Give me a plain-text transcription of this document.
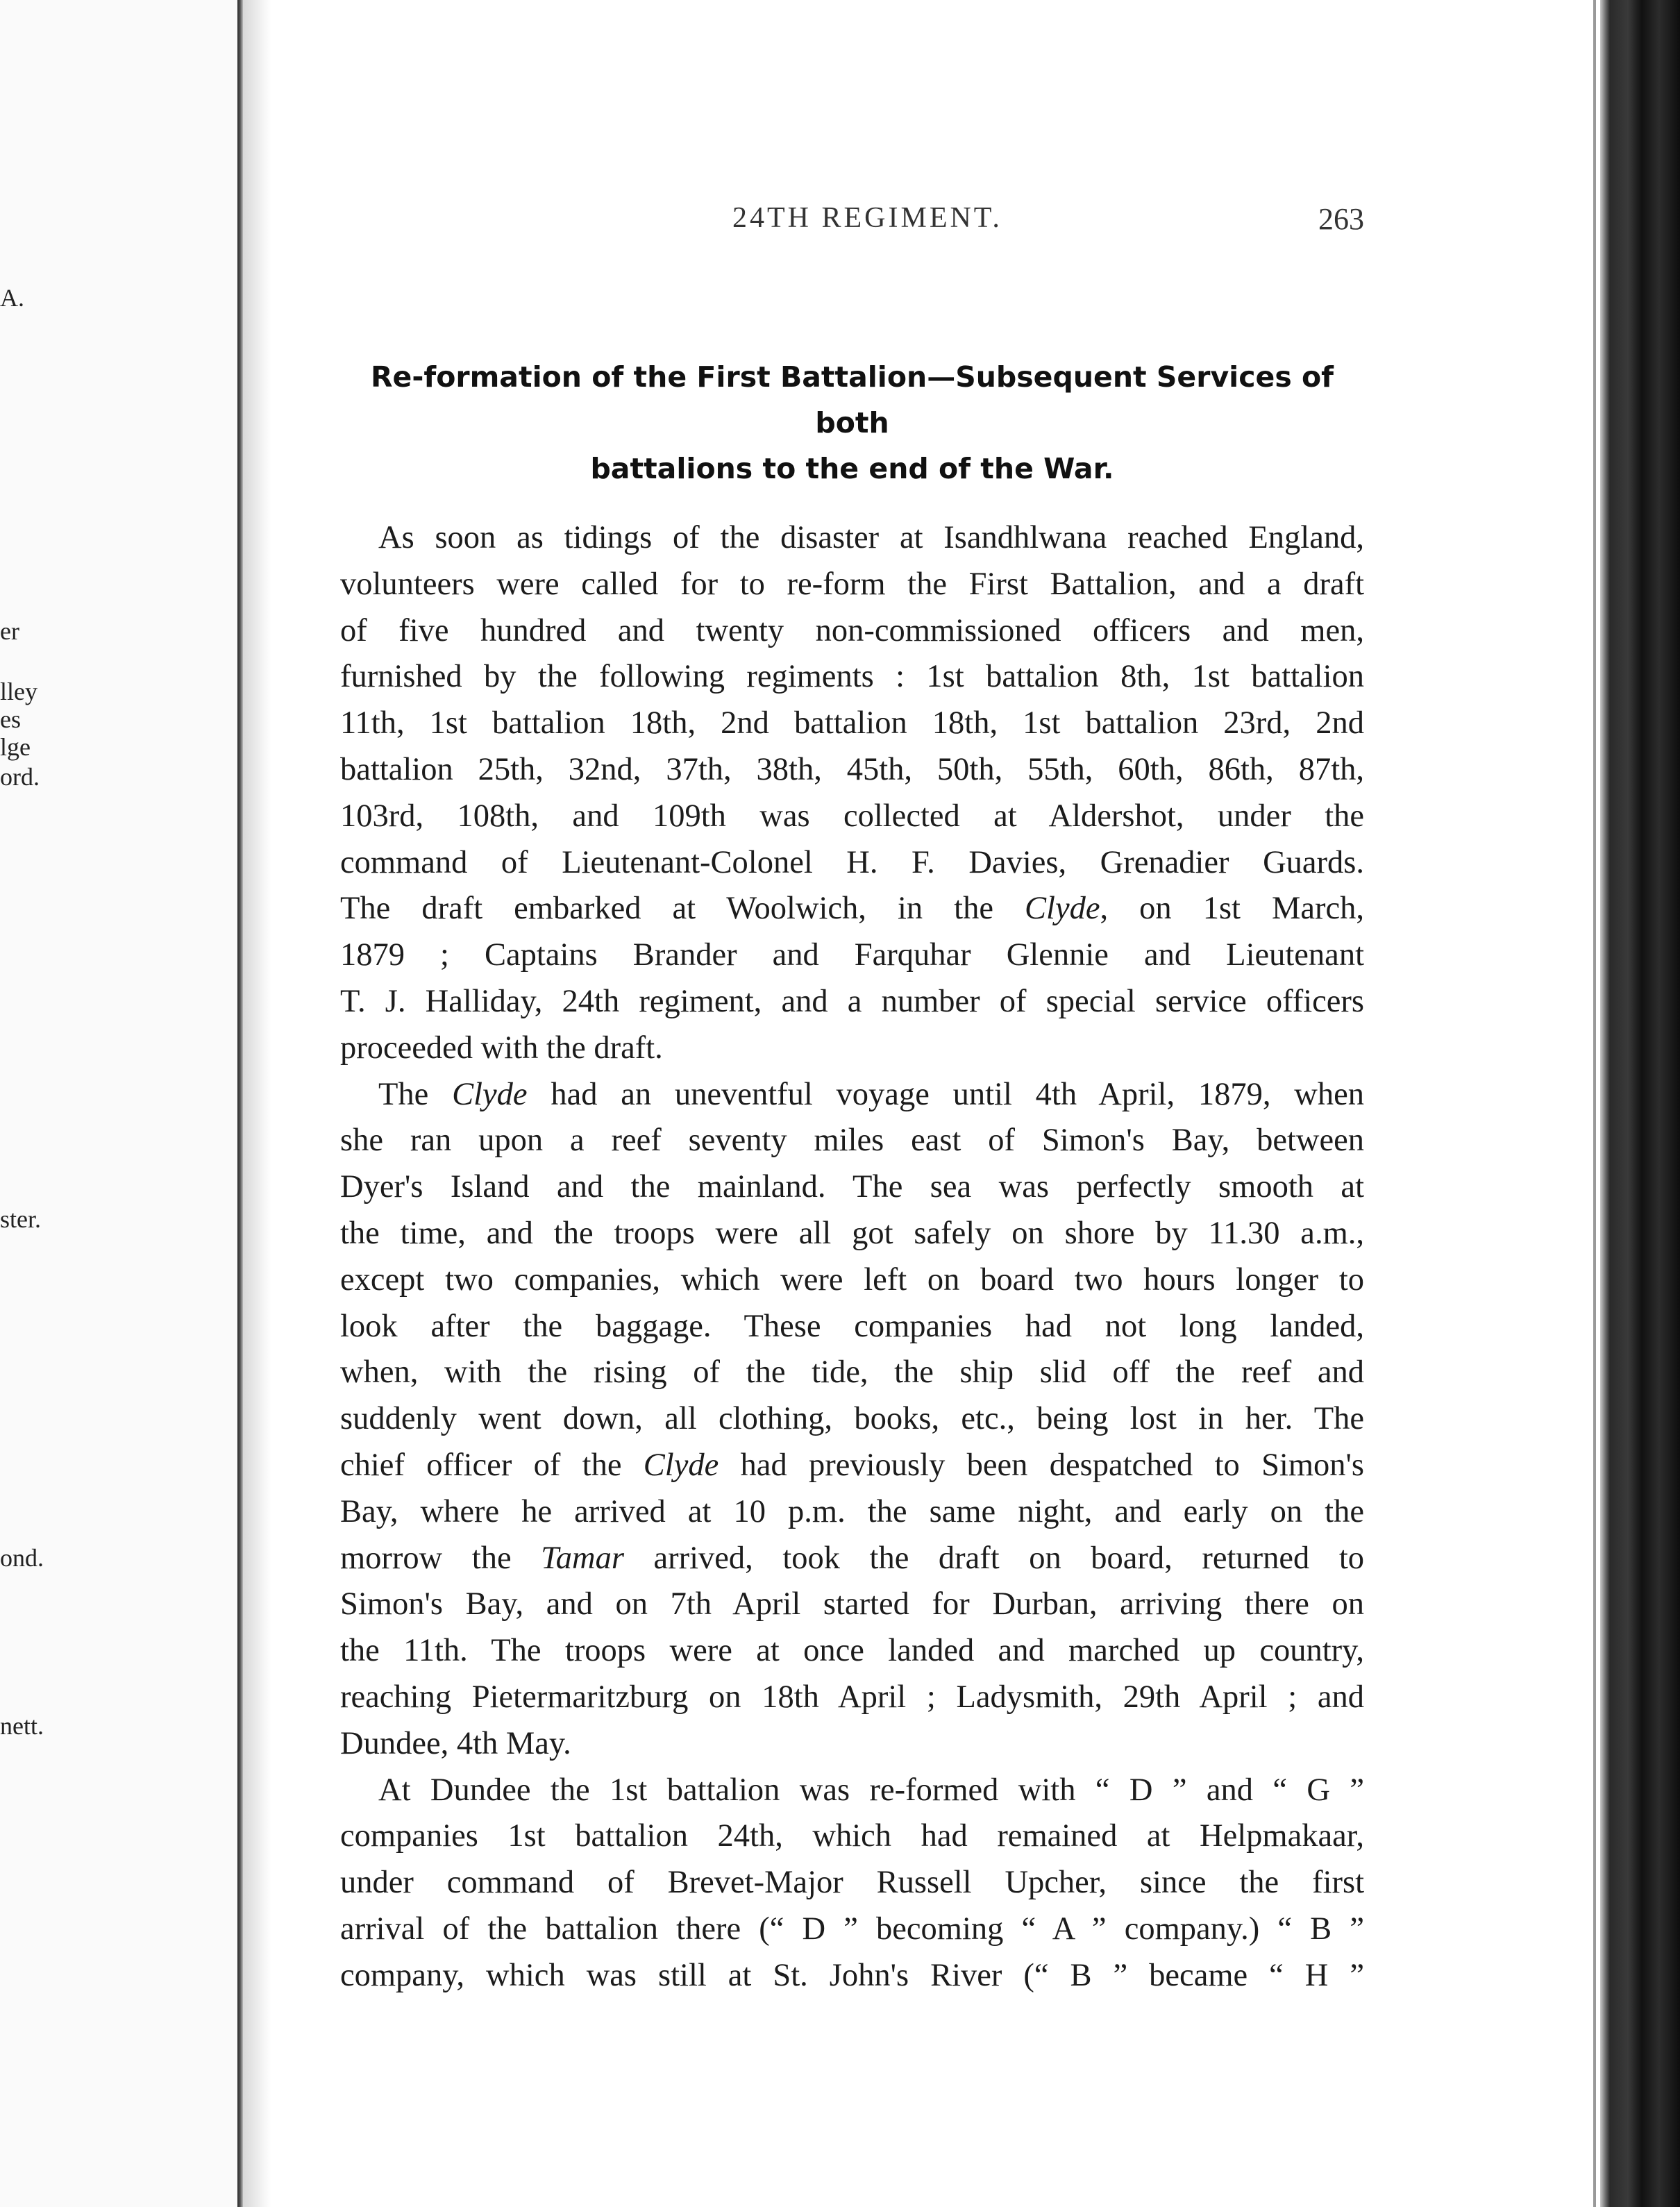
A.
er
lley
es
lge
ord.
ster.
ond.
nett.
24TH REGIMENT.	263
Re-formation of the First Battalion—Subsequent Services of both
battalions to the end of the War.
As soon as tidings of the disaster at Isandhlwana reached England,
volunteers were called for to re-form the First Battalion, and a draft
of five hundred and twenty non-commissioned officers and men,
furnished by the following regiments : 1st battalion 8th, 1st battalion
11th, 1st battalion 18th, 2nd battalion 18th, 1st battalion 23rd, 2nd
battalion 25th, 32nd, 37th, 38th, 45th, 50th, 55th, 60th, 86th, 87th,
103rd, 108th, and 109th was collected at Aldershot, under the
command of Lieutenant-Colonel H. F. Davies, Grenadier Guards.
The draft embarked at Woolwich, in the Clyde, on 1st March,
1879 ; Captains Brander and Farquhar Glennie and Lieutenant
T. J. Halliday, 24th regiment, and a number of special service officers
proceeded with the draft.
The Clyde had an uneventful voyage until 4th April, 1879, when
she ran upon a reef seventy miles east of Simon's Bay, between
Dyer's Island and the mainland. The sea was perfectly smooth at
the time, and the troops were all got safely on shore by 11.30 a.m.,
except two companies, which were left on board two hours longer to
look after the baggage. These companies had not long landed,
when, with the rising of the tide, the ship slid off the reef and
suddenly went down, all clothing, books, etc., being lost in her. The
chief officer of the Clyde had previously been despatched to Simon's
Bay, where he arrived at 10 p.m. the same night, and early on the
morrow the Tamar arrived, took the draft on board, returned to
Simon's Bay, and on 7th April started for Durban, arriving there on
the 11th. The troops were at once landed and marched up country,
reaching Pietermaritzburg on 18th April ; Ladysmith, 29th April ; and
Dundee, 4th May.
At Dundee the 1st battalion was re-formed with “ D ” and “ G ”
companies 1st battalion 24th, which had remained at Helpmakaar,
under command of Brevet-Major Russell Upcher, since the first
arrival of the battalion there (“ D ” becoming “ A ” company.) “ B ”
company, which was still at St. John's River (“ B ” became “ H ”
